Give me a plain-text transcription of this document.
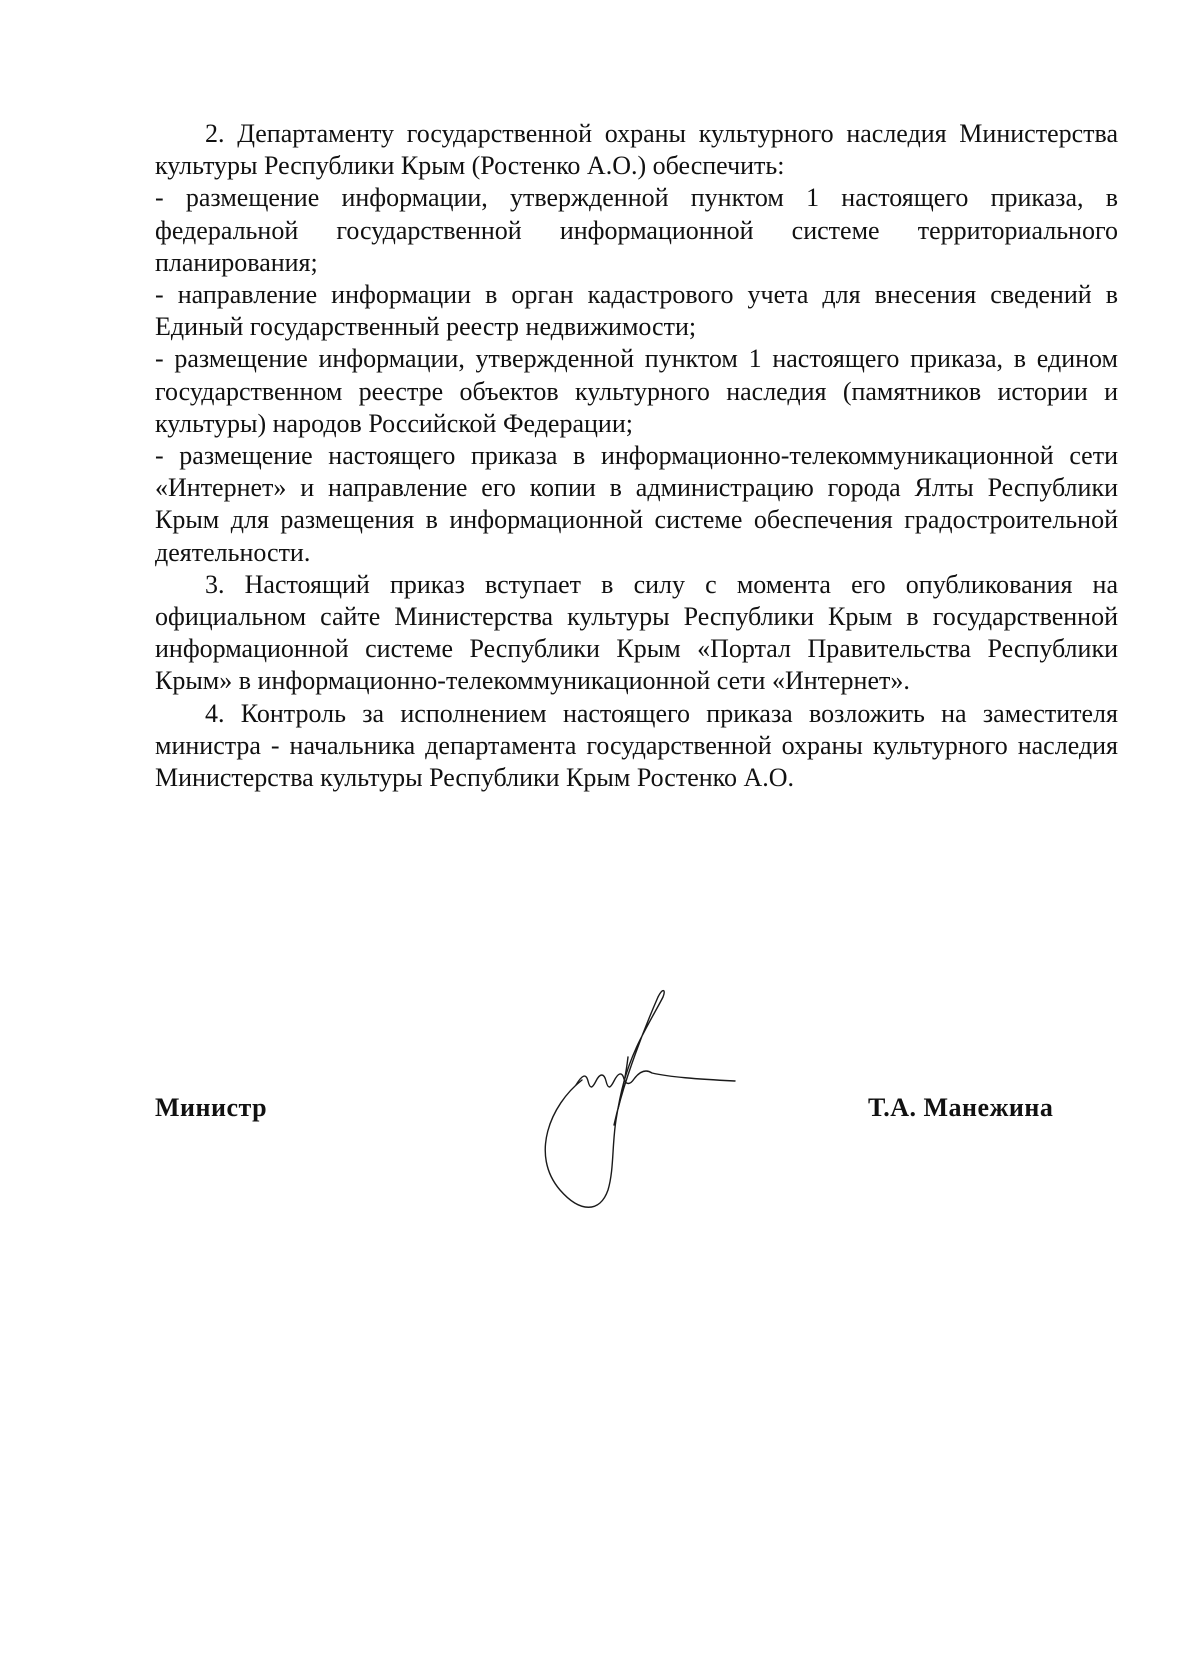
2. Департаменту государственной охраны культурного наследия Министерства культуры Республики Крым (Ростенко А.О.) обеспечить:

- размещение информации, утвержденной пунктом 1 настоящего приказа, в федеральной государственной информационной системе территориального планирования;

- направление информации в орган кадастрового учета для внесения сведений в Единый государственный реестр недвижимости;

- размещение информации, утвержденной пунктом 1 настоящего приказа, в едином государственном реестре объектов культурного наследия (памятников истории и культуры) народов Российской Федерации;

- размещение настоящего приказа в информационно-телекоммуникационной сети «Интернет» и направление его копии в администрацию города Ялты Республики Крым для размещения в информационной системе обеспечения градостроительной деятельности.

3. Настоящий приказ вступает в силу с момента его опубликования на официальном сайте Министерства культуры Республики Крым в государственной информационной системе Республики Крым «Портал Правительства Республики Крым» в информационно-телекоммуникационной сети «Интернет».

4. Контроль за исполнением настоящего приказа возложить на заместителя министра - начальника департамента государственной охраны культурного наследия Министерства культуры Республики Крым Ростенко А.О.

Министр	Т.А. Манежина
